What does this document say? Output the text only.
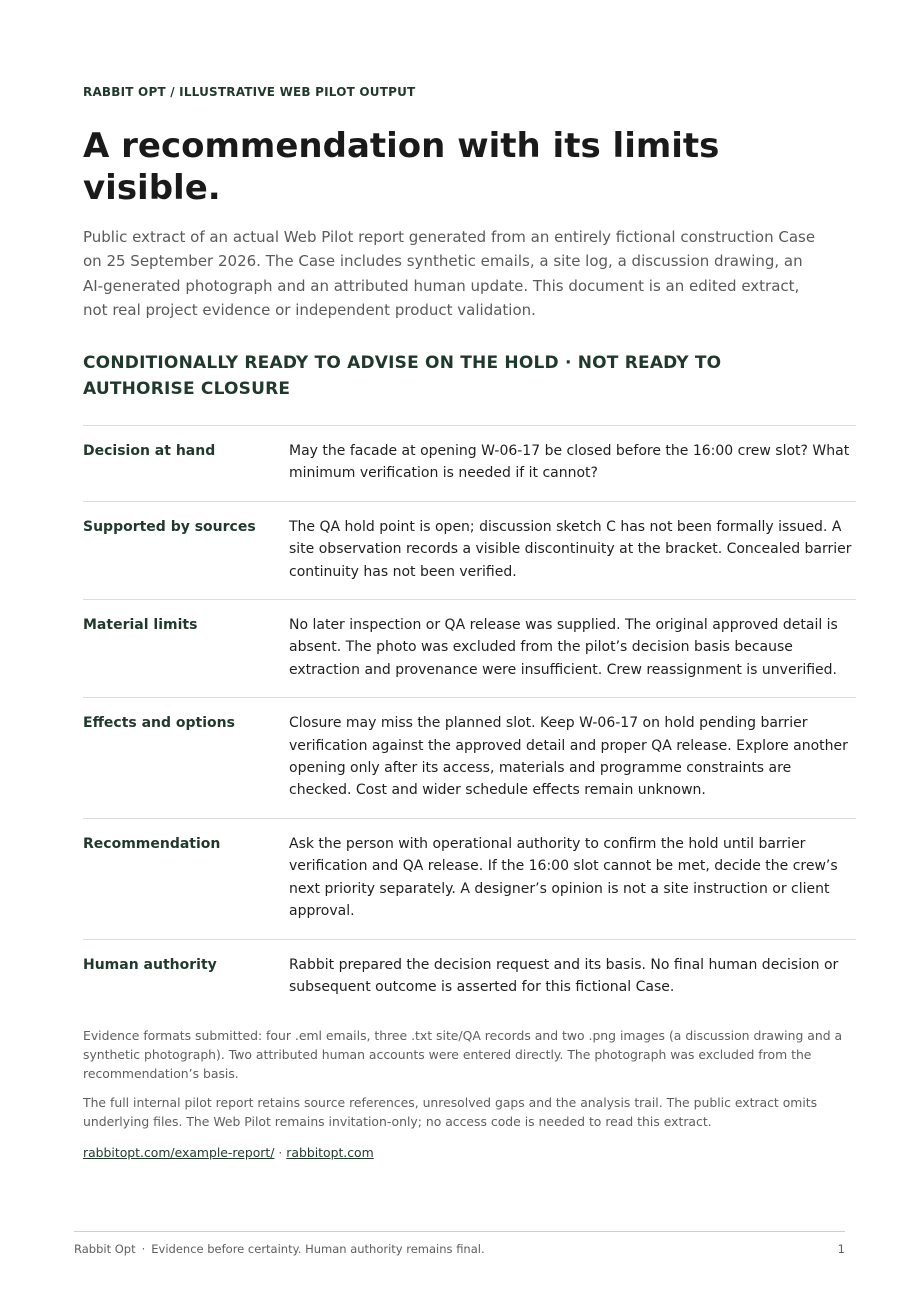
RABBIT OPT / ILLUSTRATIVE WEB PILOT OUTPUT
A recommendation with its limits visible.

Public extract of an actual Web Pilot report generated from an entirely fictional construction Case on 25 September 2026. The Case includes synthetic emails, a site log, a discussion drawing, an AI-generated photograph and an attributed human update. This document is an edited extract, not real project evidence or independent product validation.

CONDITIONALLY READY TO ADVISE ON THE HOLD · NOT READY TO AUTHORISE CLOSURE
Decision at hand	May the facade at opening W-06-17 be closed before the 16:00 crew slot? What minimum verification is needed if it cannot?
Supported by sources	The QA hold point is open; discussion sketch C has not been formally issued. A site observation records a visible discontinuity at the bracket. Concealed barrier continuity has not been verified.
Material limits	No later inspection or QA release was supplied. The original approved detail is absent. The photo was excluded from the pilot’s decision basis because extraction and provenance were insufficient. Crew reassignment is unverified.
Effects and options	Closure may miss the planned slot. Keep W-06-17 on hold pending barrier verification against the approved detail and proper QA release. Explore another opening only after its access, materials and programme constraints are checked. Cost and wider schedule effects remain unknown.
Recommendation	Ask the person with operational authority to confirm the hold until barrier verification and QA release. If the 16:00 slot cannot be met, decide the crew’s next priority separately. A designer’s opinion is not a site instruction or client approval.
Human authority	Rabbit prepared the decision request and its basis. No final human decision or subsequent outcome is asserted for this fictional Case.

Evidence formats submitted: four .eml emails, three .txt site/QA records and two .png images (a discussion drawing and a synthetic photograph). Two attributed human accounts were entered directly. The photograph was excluded from the recommendation’s basis.

The full internal pilot report retains source references, unresolved gaps and the analysis trail. The public extract omits underlying files. The Web Pilot remains invitation-only; no access code is needed to read this extract.

rabbitopt.com/example-report/ · rabbitopt.com
Rabbit Opt · Evidence before certainty. Human authority remains final.	1
